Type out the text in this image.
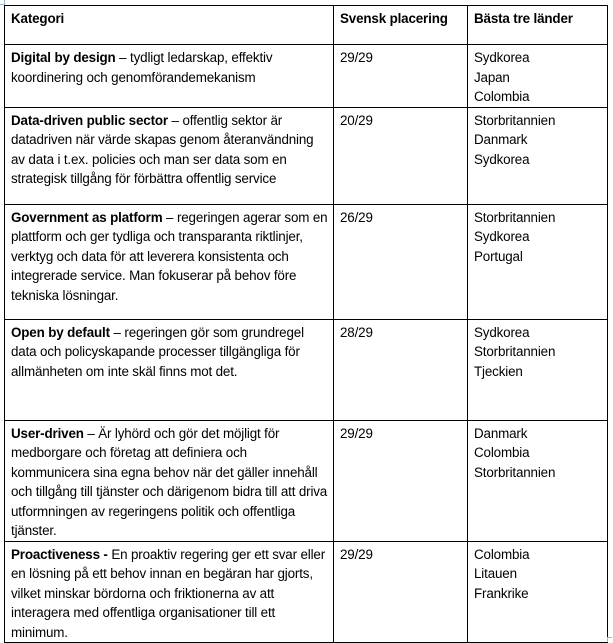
Kategori	Svensk placering	Bästa tre länder
Digital by design – tydligt ledarskap, effektiv koordinering och genomförandemekanism	29/29	Sydkorea
Japan
Colombia

Data-driven public sector – offentlig sektor är datadriven när värde skapas genom återanvändning av data i t.ex. policies och man ser data som en strategisk tillgång för förbättra offentlig service	20/29	Storbritannien
Danmark
Sydkorea

Government as platform – regeringen agerar som en plattform och ger tydliga och transparanta riktlinjer, verktyg och data för att leverera konsistenta och integrerade service. Man fokuserar på behov före tekniska lösningar.	26/29	Storbritannien
Sydkorea
Portugal

Open by default – regeringen gör som grundregel data och policyskapande processer tillgängliga för allmänheten om inte skäl finns mot det.	28/29	Sydkorea
Storbritannien
Tjeckien

User-driven – Är lyhörd och gör det möjligt för medborgare och företag att definiera och kommunicera sina egna behov när det gäller innehåll och tillgång till tjänster och därigenom bidra till att driva utformningen av regeringens politik och offentliga tjänster.	29/29	Danmark
Colombia
Storbritannien

Proactiveness - En proaktiv regering ger ett svar eller en lösning på ett behov innan en begäran har gjorts, vilket minskar bördorna och friktionerna av att interagera med offentliga organisationer till ett minimum.	29/29	Colombia
Litauen
Frankrike
